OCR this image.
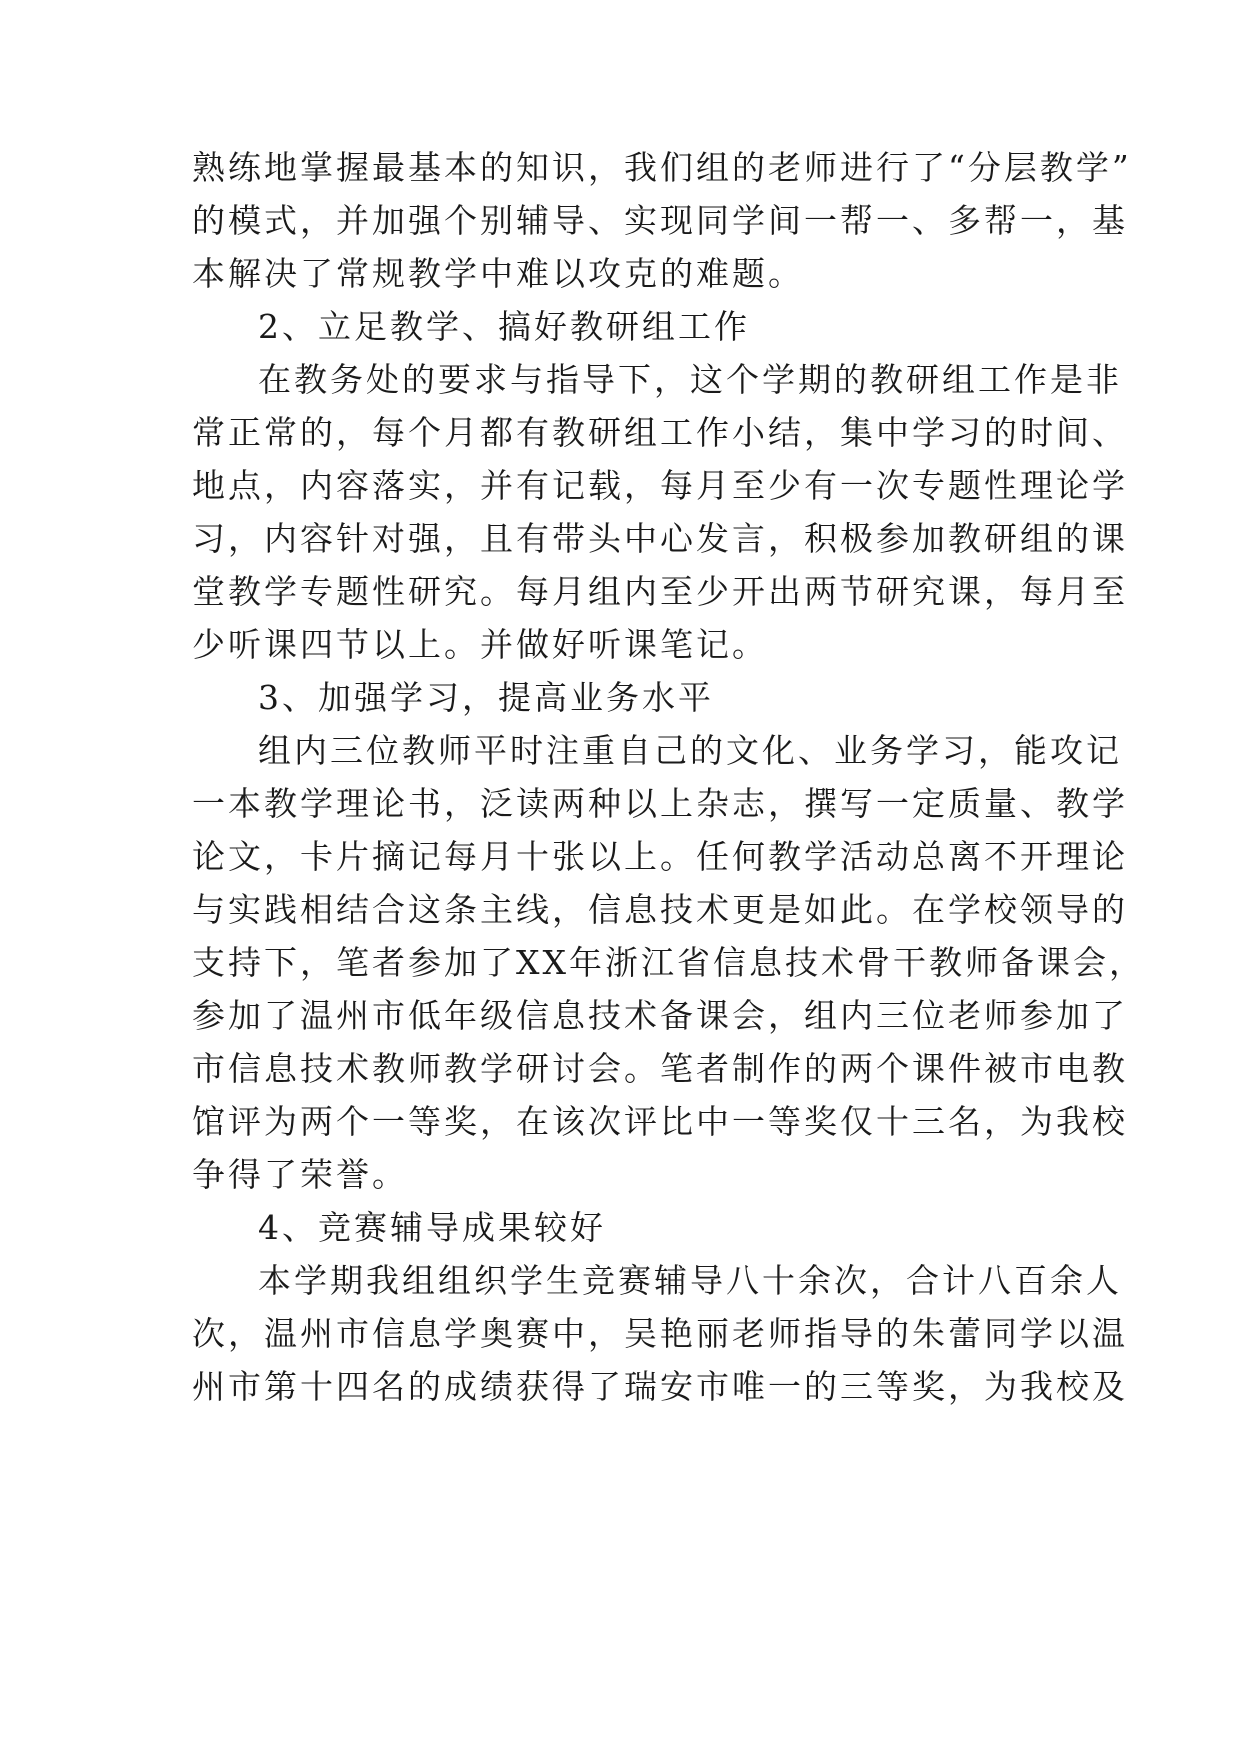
熟练地掌握最基本的知识，我们组的老师进行了“分层教学”
的模式，并加强个别辅导、实现同学间一帮一、多帮一，基
本解决了常规教学中难以攻克的难题。
2、立足教学、搞好教研组工作
在教务处的要求与指导下，这个学期的教研组工作是非
常正常的，每个月都有教研组工作小结，集中学习的时间、
地点，内容落实，并有记载，每月至少有一次专题性理论学
习，内容针对强，且有带头中心发言，积极参加教研组的课
堂教学专题性研究。每月组内至少开出两节研究课，每月至
少听课四节以上。并做好听课笔记。
3、加强学习，提高业务水平
组内三位教师平时注重自己的文化、业务学习，能攻记
一本教学理论书，泛读两种以上杂志，撰写一定质量、教学
论文，卡片摘记每月十张以上。任何教学活动总离不开理论
与实践相结合这条主线，信息技术更是如此。在学校领导的
支持下，笔者参加了XX年浙江省信息技术骨干教师备课会，
参加了温州市低年级信息技术备课会，组内三位老师参加了
市信息技术教师教学研讨会。笔者制作的两个课件被市电教
馆评为两个一等奖，在该次评比中一等奖仅十三名，为我校
争得了荣誉。
4、竞赛辅导成果较好
本学期我组组织学生竞赛辅导八十余次，合计八百余人
次，温州市信息学奥赛中，吴艳丽老师指导的朱蕾同学以温
州市第十四名的成绩获得了瑞安市唯一的三等奖，为我校及
